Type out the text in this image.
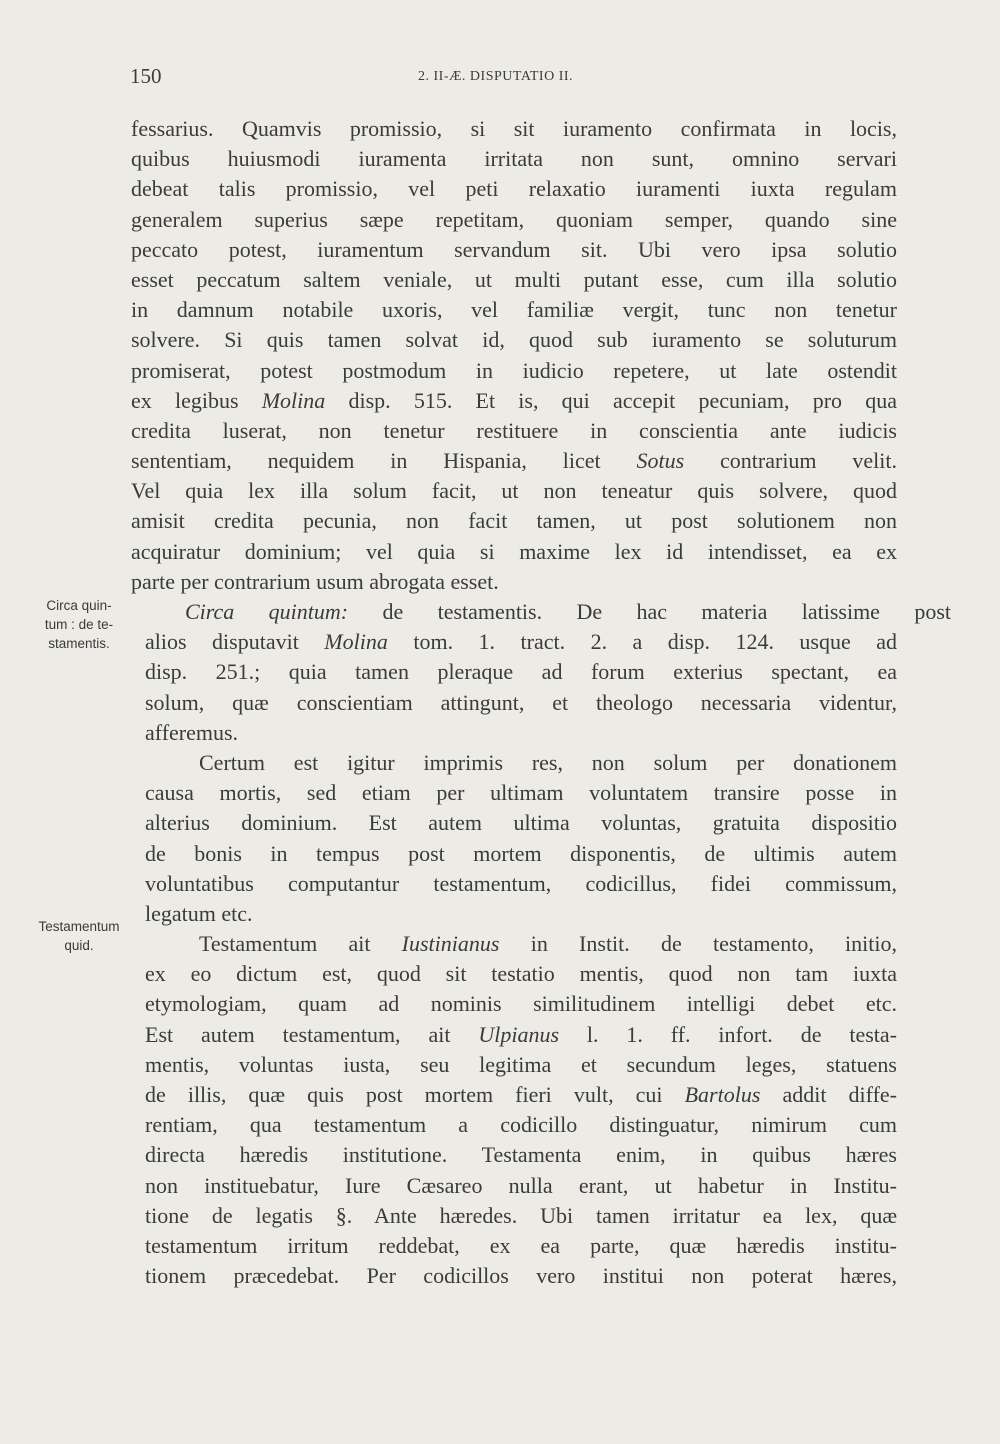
150	2. II-Æ. DISPUTATIO II.
Circa quin-
tum : de te-
stamentis.
Testamentum
quid.
fessarius. Quamvis promissio, si sit iuramento confirmata in locis,
quibus huiusmodi iuramenta irritata non sunt, omnino servari
debeat talis promissio, vel peti relaxatio iuramenti iuxta regulam
generalem superius sæpe repetitam, quoniam semper, quando sine
peccato potest, iuramentum servandum sit. Ubi vero ipsa solutio
esset peccatum saltem veniale, ut multi putant esse, cum illa solutio
in damnum notabile uxoris, vel familiæ vergit, tunc non tenetur
solvere. Si quis tamen solvat id, quod sub iuramento se soluturum
promiserat, potest postmodum in iudicio repetere, ut late ostendit
ex legibus Molina disp. 515. Et is, qui accepit pecuniam, pro qua
credita luserat, non tenetur restituere in conscientia ante iudicis
sententiam, nequidem in Hispania, licet Sotus contrarium velit.
Vel quia lex illa solum facit, ut non teneatur quis solvere, quod
amisit credita pecunia, non facit tamen, ut post solutionem non
acquiratur dominium; vel quia si maxime lex id intendisset, ea ex
parte per contrarium usum abrogata esset.
Circa quintum: de testamentis. De hac materia latissime post
alios disputavit Molina tom. 1. tract. 2. a disp. 124. usque ad
disp. 251.; quia tamen pleraque ad forum exterius spectant, ea
solum, quæ conscientiam attingunt, et theologo necessaria videntur,
afferemus.
Certum est igitur imprimis res, non solum per donationem
causa mortis, sed etiam per ultimam voluntatem transire posse in
alterius dominium. Est autem ultima voluntas, gratuita dispositio
de bonis in tempus post mortem disponentis, de ultimis autem
voluntatibus computantur testamentum, codicillus, fidei commissum,
legatum etc.
Testamentum ait Iustinianus in Instit. de testamento, initio,
ex eo dictum est, quod sit testatio mentis, quod non tam iuxta
etymologiam, quam ad nominis similitudinem intelligi debet etc.
Est autem testamentum, ait Ulpianus l. 1. ff. infort. de testa-
mentis, voluntas iusta, seu legitima et secundum leges, statuens
de illis, quæ quis post mortem fieri vult, cui Bartolus addit diffe-
rentiam, qua testamentum a codicillo distinguatur, nimirum cum
directa hæredis institutione. Testamenta enim, in quibus hæres
non instituebatur, Iure Cæsareo nulla erant, ut habetur in Institu-
tione de legatis §. Ante hæredes. Ubi tamen irritatur ea lex, quæ
testamentum irritum reddebat, ex ea parte, quæ hæredis institu-
tionem præcedebat. Per codicillos vero institui non poterat hæres,
